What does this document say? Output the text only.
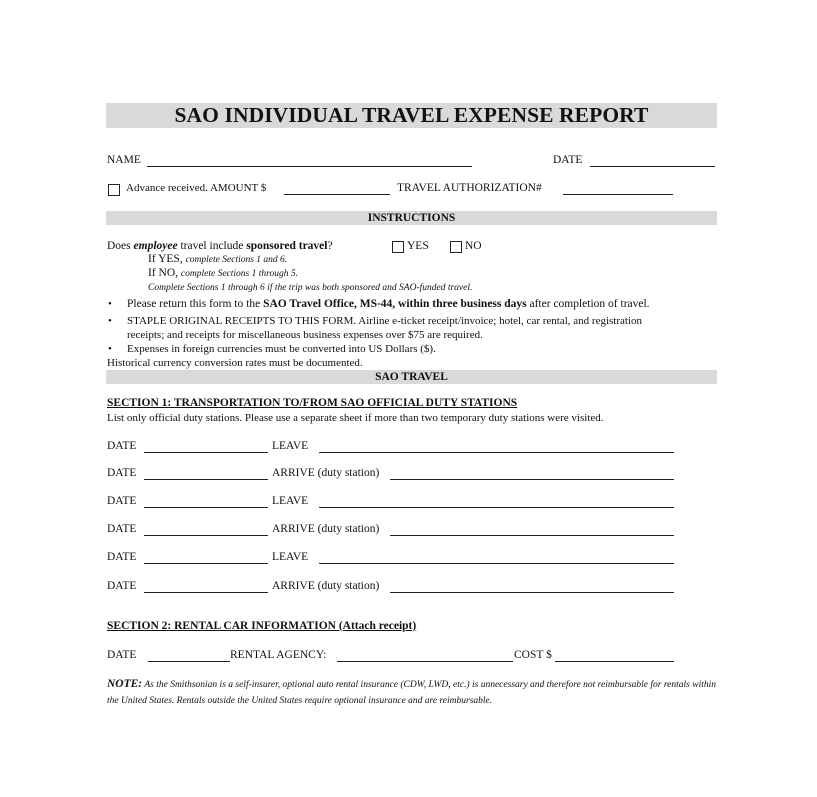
SAO INDIVIDUAL TRAVEL EXPENSE REPORT
NAME	DATE
Advance received. AMOUNT $	TRAVEL AUTHORIZATION#
INSTRUCTIONS
Does employee travel include sponsored travel?	YES	NO
If YES, complete Sections 1 and 6.
If NO, complete Sections 1 through 5.
Complete Sections 1 through 6 if the trip was both sponsored and SAO-funded travel.
• Please return this form to the SAO Travel Office, MS-44, within three business days after completion of travel.
• STAPLE ORIGINAL RECEIPTS TO THIS FORM. Airline e-ticket receipt/invoice; hotel, car rental, and registration
receipts; and receipts for miscellaneous business expenses over $75 are required.
• Expenses in foreign currencies must be converted into US Dollars ($).
Historical currency conversion rates must be documented.
SAO TRAVEL
SECTION 1: TRANSPORTATION TO/FROM SAO OFFICIAL DUTY STATIONS
List only official duty stations. Please use a separate sheet if more than two temporary duty stations were visited.
DATE	LEAVE
DATE	ARRIVE (duty station)
DATE	LEAVE
DATE	ARRIVE (duty station)
DATE	LEAVE
DATE	ARRIVE (duty station)
SECTION 2: RENTAL CAR INFORMATION (Attach receipt)
DATE	RENTAL AGENCY:	COST $
NOTE: As the Smithsonian is a self-insurer, optional auto rental insurance (CDW, LWD, etc.) is unnecessary and therefore not reimbursable for rentals within the United States. Rentals outside the United States require optional insurance and are reimbursable.
